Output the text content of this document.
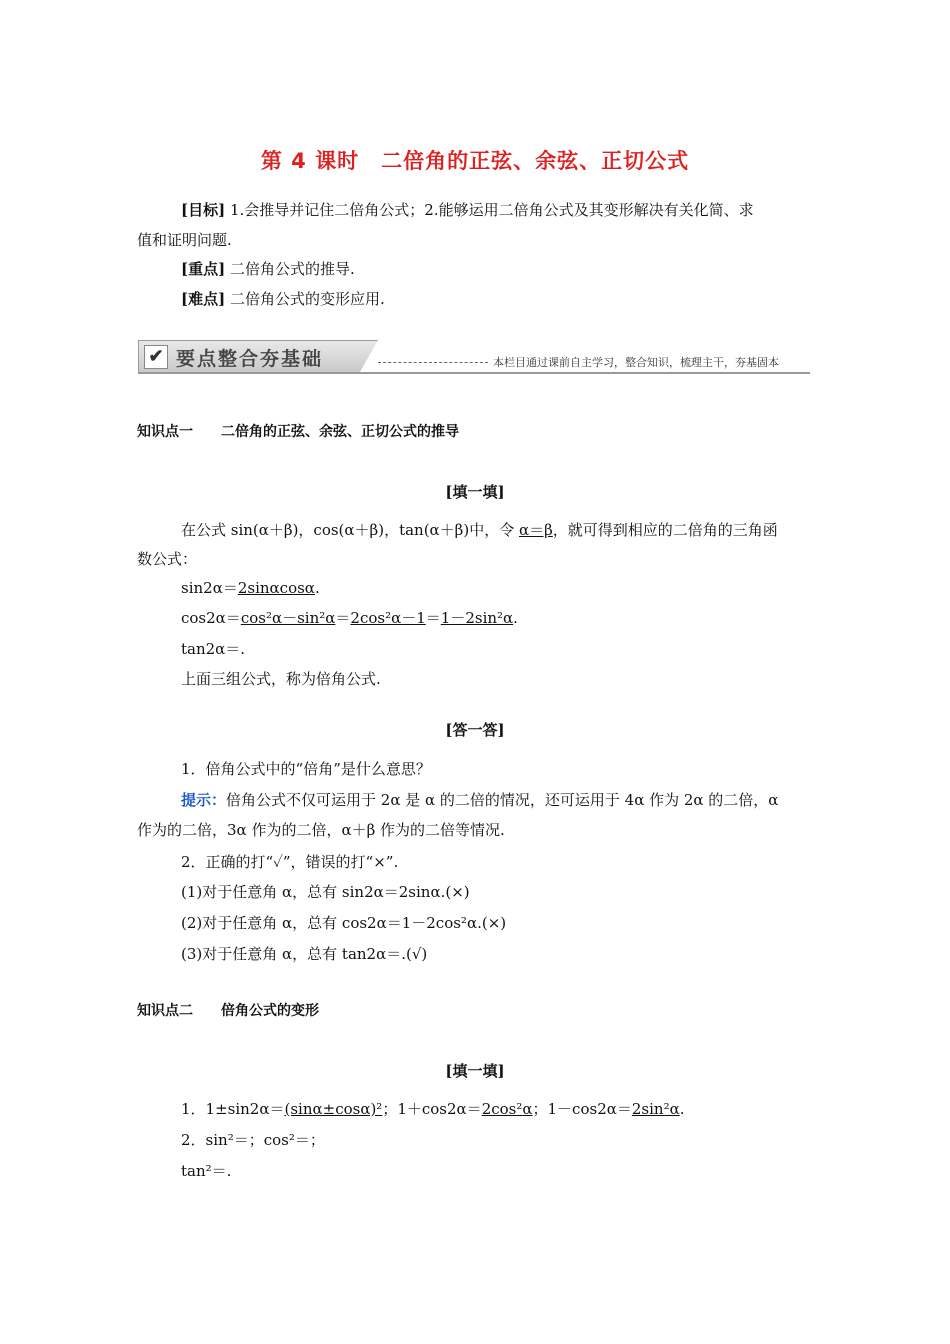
第 4 课时　二倍角的正弦、余弦、正切公式
[目标] 1.会推导并记住二倍角公式；2.能够运用二倍角公式及其变形解决有关化简、求
值和证明问题.
[重点] 二倍角公式的推导.
[难点] 二倍角公式的变形应用.
✔ 要点整合夯基础	本栏目通过课前自主学习，整合知识，梳理主干，夯基固本
知识点一　　二倍角的正弦、余弦、正切公式的推导
[填一填]
在公式 sin(α＋β)，cos(α＋β)，tan(α＋β)中，令 α＝β，就可得到相应的二倍角的三角函
数公式：
sin2α＝2sinαcosα.
cos2α＝cos²α－sin²α＝2cos²α－1＝1－2sin²α.
tan2α＝.
上面三组公式，称为倍角公式.
[答一答]
1．倍角公式中的“倍角”是什么意思？
提示：倍角公式不仅可运用于 2α 是 α 的二倍的情况，还可运用于 4α 作为 2α 的二倍，α
作为的二倍，3α 作为的二倍，α＋β 作为的二倍等情况.
2．正确的打“✓”，错误的打“×”.
(1)对于任意角 α，总有 sin2α＝2sinα.(×)
(2)对于任意角 α，总有 cos2α＝1－2cos²α.(×)
(3)对于任意角 α，总有 tan2α＝.(√)
知识点二　　倍角公式的变形
[填一填]
1．1±sin2α＝(sinα±cosα)²；1＋cos2α＝2cos²α；1－cos2α＝2sin²α.
2．sin²＝；cos²＝；
tan²＝.
